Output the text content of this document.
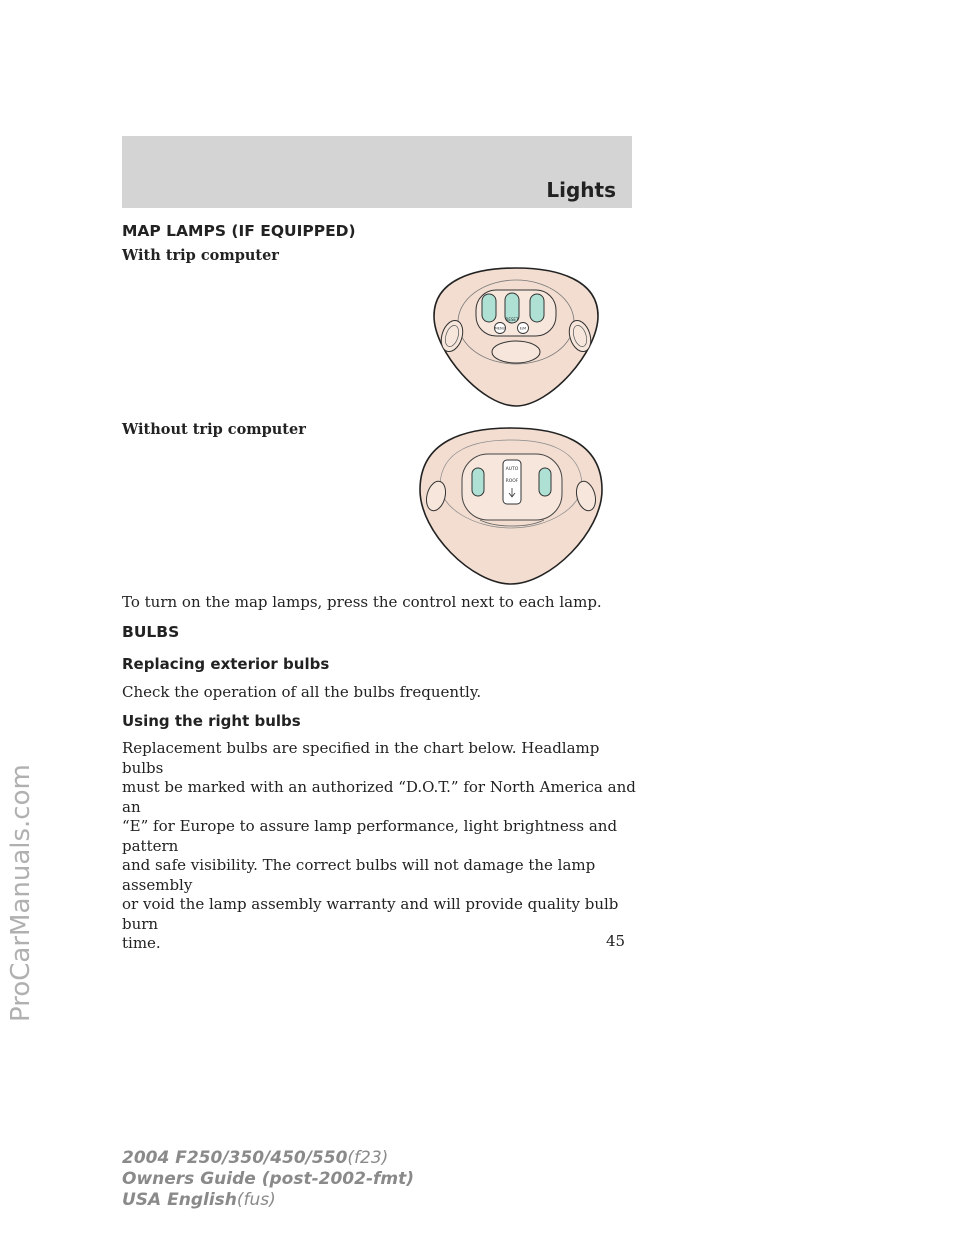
Lights
ProCarManuals.com
MAP LAMPS (IF EQUIPPED)

With trip computer

RESET
MENU	E/M

Without trip computer

AUTO
ROOF

To turn on the map lamps, press the control next to each lamp.

BULBS
Replacing exterior bulbs

Check the operation of all the bulbs frequently.

Using the right bulbs
Replacement bulbs are specified in the chart below. Headlamp bulbs
must be marked with an authorized “D.O.T.” for North America and an
“E” for Europe to assure lamp performance, light brightness and pattern
and safe visibility. The correct bulbs will not damage the lamp assembly
or void the lamp assembly warranty and will provide quality bulb burn
time.	45
2004 F250/350/450/550(f23)
Owners Guide (post-2002-fmt)
USA English(fus)
